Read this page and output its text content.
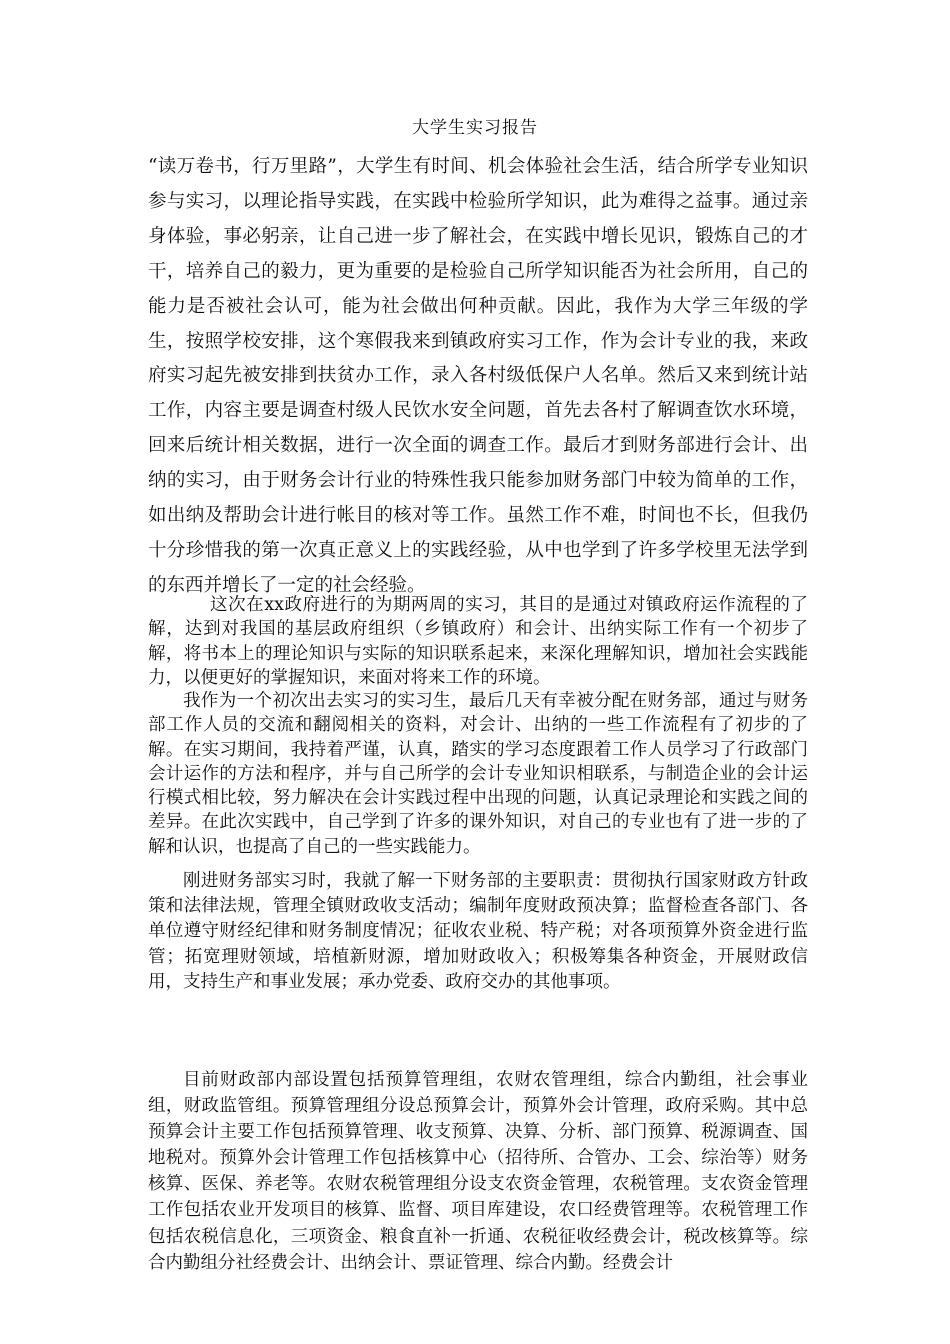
大学生实习报告

“读万卷书，行万里路”，大学生有时间、机会体验社会生活，结合所学专业知识参与实习，以理论指导实践，在实践中检验所学知识，此为难得之益事。通过亲身体验，事必躬亲，让自己进一步了解社会，在实践中增长见识，锻炼自己的才干，培养自己的毅力，更为重要的是检验自己所学知识能否为社会所用，自己的能力是否被社会认可，能为社会做出何种贡献。因此，我作为大学三年级的学生，按照学校安排，这个寒假我来到镇政府实习工作，作为会计专业的我，来政府实习起先被安排到扶贫办工作，录入各村级低保户人名单。然后又来到统计站工作，内容主要是调查村级人民饮水安全问题，首先去各村了解调查饮水环境，回来后统计相关数据，进行一次全面的调查工作。最后才到财务部进行会计、出纳的实习，由于财务会计行业的特殊性我只能参加财务部门中较为简单的工作，如出纳及帮助会计进行帐目的核对等工作。虽然工作不难，时间也不长，但我仍十分珍惜我的第一次真正意义上的实践经验，从中也学到了许多学校里无法学到的东西并增长了一定的社会经验。

这次在xx政府进行的为期两周的实习，其目的是通过对镇政府运作流程的了解，达到对我国的基层政府组织（乡镇政府）和会计、出纳实际工作有一个初步了解，将书本上的理论知识与实际的知识联系起来，来深化理解知识，增加社会实践能力，以便更好的掌握知识，来面对将来工作的环境。

我作为一个初次出去实习的实习生，最后几天有幸被分配在财务部，通过与财务部工作人员的交流和翻阅相关的资料，对会计、出纳的一些工作流程有了初步的了解。在实习期间，我持着严谨，认真，踏实的学习态度跟着工作人员学习了行政部门会计运作的方法和程序，并与自己所学的会计专业知识相联系，与制造企业的会计运行模式相比较，努力解决在会计实践过程中出现的问题，认真记录理论和实践之间的差异。在此次实践中，自己学到了许多的课外知识，对自己的专业也有了进一步的了解和认识，也提高了自己的一些实践能力。

刚进财务部实习时，我就了解一下财务部的主要职责：贯彻执行国家财政方针政策和法律法规，管理全镇财政收支活动；编制年度财政预决算；监督检查各部门、各单位遵守财经纪律和财务制度情况；征收农业税、特产税；对各项预算外资金进行监管；拓宽理财领域，培植新财源，增加财政收入；积极筹集各种资金，开展财政信用，支持生产和事业发展；承办党委、政府交办的其他事项。

目前财政部内部设置包括预算管理组，农财农管理组，综合内勤组，社会事业组，财政监管组。预算管理组分设总预算会计，预算外会计管理，政府采购。其中总预算会计主要工作包括预算管理、收支预算、决算、分析、部门预算、税源调查、国地税对。预算外会计管理工作包括核算中心（招待所、合管办、工会、综治等）财务核算、医保、养老等。农财农税管理组分设支农资金管理，农税管理。支农资金管理工作包括农业开发项目的核算、监督、项目库建设，农口经费管理等。农税管理工作包括农税信息化，三项资金、粮食直补一折通、农税征收经费会计，税改核算等。综合内勤组分社经费会计、出纳会计、票证管理、综合内勤。经费会计
